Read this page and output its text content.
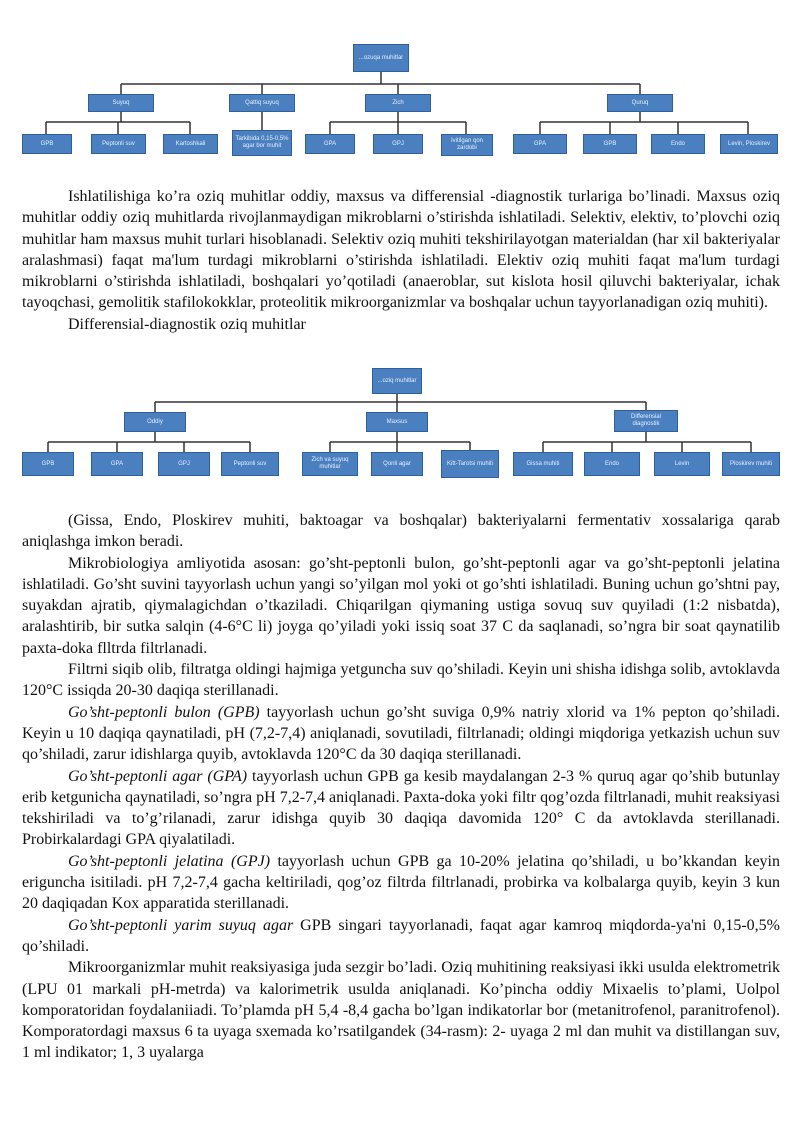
...ozuqa muhitlar
Suyuq	Qattiq suyuq	Zich	Quruq
GPB	Peptonli suv	Kartoshkali
Tarkibida 0,15-0,5% agar bor muhit	GPA	GPJ	Ivitilgan qon zardobi
GPA	GPB	Endo	Levin, Ploskirev

Ishlatilishiga ko’ra oziq muhitlar oddiy, maxsus va differensial -diagnostik turlariga bo’linadi. Maxsus oziq muhitlar oddiy oziq muhitlarda rivojlanmaydigan mikroblarni o’stirishda ishlatiladi. Selektiv, elektiv, to’plovchi oziq muhitlar ham maxsus muhit turlari hisoblanadi. Selektiv oziq muhiti tekshirilayotgan materialdan (har xil bakteriyalar aralashmasi) faqat ma'lum turdagi mikroblarni o’stirishda ishlatiladi. Elektiv oziq muhiti faqat ma'lum turdagi mikroblarni o’stirishda ishlatiladi, boshqalari yo’qotiladi (anaeroblar, sut kislota hosil qiluvchi bakteriyalar, ichak tayoqchasi, gemolitik stafilokokklar, proteolitik mikroorganizmlar va boshqalar uchun tayyorlanadigan oziq muhiti).

Differensial-diagnostik oziq muhitlar

...oziq muhitlar
Oddiy	Maxsus
Differensial diagnostik
GPB	GPA	GPJ	Peptonli suv
Zich va suyuq muhitlar
Qonli agar	Kitt-Tarotsi muhiti	Gissa muhiti	Endo	Levin	Ploskirev muhiti

(Gissa, Endo, Ploskirev muhiti, baktoagar va boshqalar) bakteriyalarni fermentativ xossalariga qarab aniqlashga imkon beradi.

Mikrobiologiya amliyotida asosan: go’sht-peptonli bulon, go’sht-peptonli agar va go’sht-peptonli jelatina ishlatiladi. Go’sht suvini tayyorlash uchun yangi so’yilgan mol yoki ot go’shti ishlatiladi. Buning uchun go’shtni pay, suyakdan ajratib, qiymalagichdan o’tkaziladi. Chiqarilgan qiymaning ustiga sovuq suv quyiladi (1:2 nisbatda), aralashtirib, bir sutka salqin (4-6°C li) joyga qo’yiladi yoki issiq soat 37 C da saqlanadi, so’ngra bir soat qaynatilib paxta-doka flltrda filtrlanadi.

Filtrni siqib olib, filtratga oldingi hajmiga yetguncha suv qo’shiladi. Keyin uni shisha idishga solib, avtoklavda 120°C issiqda 20-30 daqiqa sterillanadi.

Go’sht-peptonli bulon (GPB) tayyorlash uchun go’sht suviga 0,9% natriy xlorid va 1% pepton qo’shiladi. Keyin u 10 daqiqa qaynatiladi, pH (7,2-7,4) aniqlanadi, sovutiladi, filtrlanadi; oldingi miqdoriga yetkazish uchun suv qo’shiladi, zarur idishlarga quyib, avtoklavda 120°C da 30 daqiqa sterillanadi.

Go’sht-peptonli agar (GPA) tayyorlash uchun GPB ga kesib maydalangan 2-3 % quruq agar qo’shib butunlay erib ketgunicha qaynatiladi, so’ngra pH 7,2-7,4 aniqlanadi. Paxta-doka yoki filtr qog’ozda filtrlanadi, muhit reaksiyasi tekshiriladi va to’g’rilanadi, zarur idishga quyib 30 daqiqa davomida 120° C da avtoklavda sterillanadi. Probirkalardagi GPA qiyalatiladi.

Go’sht-peptonli jelatina (GPJ) tayyorlash uchun GPB ga 10-20% jelatina qo’shiladi, u bo’kkandan keyin eriguncha isitiladi. pH 7,2-7,4 gacha keltiriladi, qog’oz filtrda filtrlanadi, probirka va kolbalarga quyib, keyin 3 kun 20 daqiqadan Kox apparatida sterillanadi.

Go’sht-peptonli yarim suyuq agar GPB singari tayyorlanadi, faqat agar kamroq miqdorda-ya'ni 0,15-0,5% qo’shiladi.

Mikroorganizmlar muhit reaksiyasiga juda sezgir bo’ladi. Oziq muhitining reaksiyasi ikki usulda elektrometrik (LPU 01 markali pH-metrda) va kalorimetrik usulda aniqlanadi. Ko’pincha oddiy Mixaelis to’plami, Uolpol komporatoridan foydalaniiadi. To’plamda pH 5,4 -8,4 gacha bo’lgan indikatorlar bor (metanitrofenol, paranitrofenol). Komporatordagi maxsus 6 ta uyaga sxemada ko’rsatilgandek (34-rasm): 2- uyaga 2 ml dan muhit va distillangan suv, 1 ml indikator; 1, 3 uyalarga
